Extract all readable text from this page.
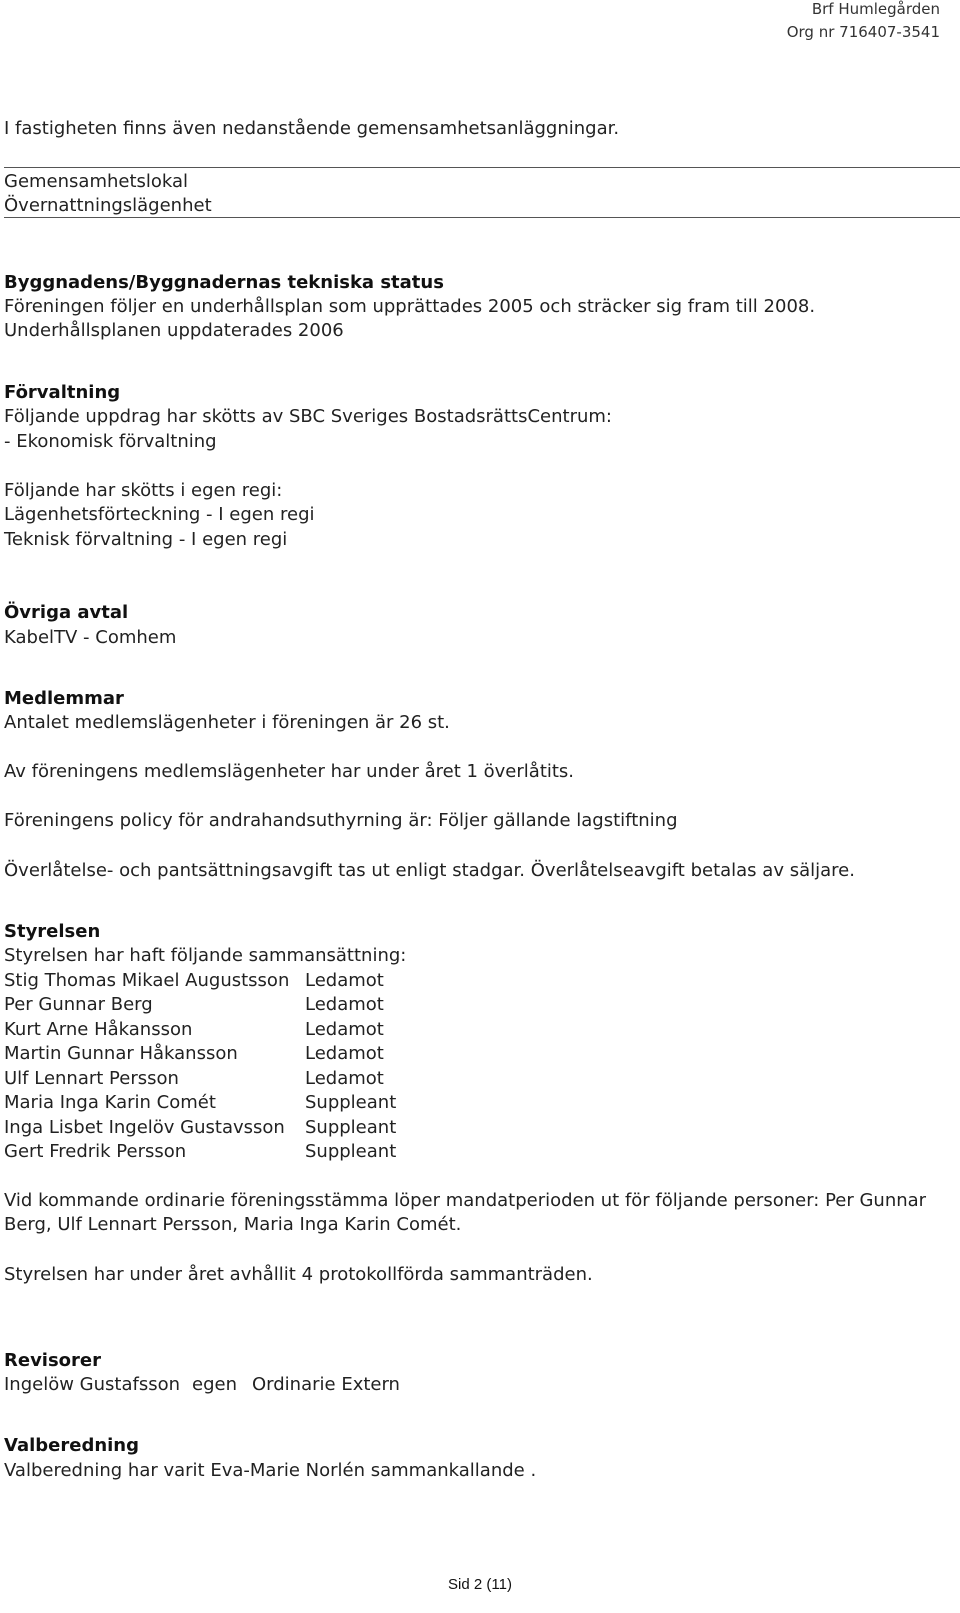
Brf Humlegården
Org nr 716407-3541
I fastigheten finns även nedanstående gemensamhetsanläggningar.
Gemensamhetslokal
Övernattningslägenhet
Byggnadens/Byggnadernas tekniska status
Föreningen följer en underhållsplan som upprättades 2005 och sträcker sig fram till 2008.
Underhållsplanen uppdaterades 2006
Förvaltning
Följande uppdrag har skötts av SBC Sveriges BostadsrättsCentrum:
- Ekonomisk förvaltning
Följande har skötts i egen regi:
Lägenhetsförteckning - I egen regi
Teknisk förvaltning - I egen regi
Övriga avtal
KabelTV - Comhem
Medlemmar
Antalet medlemslägenheter i föreningen är 26 st.
Av föreningens medlemslägenheter har under året 1 överlåtits.
Föreningens policy för andrahandsuthyrning är: Följer gällande lagstiftning
Överlåtelse- och pantsättningsavgift tas ut enligt stadgar. Överlåtelseavgift betalas av säljare.
Styrelsen
Styrelsen har haft följande sammansättning:
Stig Thomas Mikael Augustsson Ledamot
Per Gunnar Berg	Ledamot
Kurt Arne Håkansson	Ledamot
Martin Gunnar Håkansson	Ledamot
Ulf Lennart Persson	Ledamot
Maria Inga Karin Comét	Suppleant
Inga Lisbet Ingelöv Gustavsson Suppleant
Gert Fredrik Persson	Suppleant
Vid kommande ordinarie föreningsstämma löper mandatperioden ut för följande personer: Per Gunnar
Berg, Ulf Lennart Persson, Maria Inga Karin Comét.
Styrelsen har under året avhållit 4 protokollförda sammanträden.
Revisorer
Ingelöw Gustafsson egen Ordinarie Extern
Valberedning
Valberedning har varit Eva-Marie Norlén sammankallande .
Sid 2 (11)
